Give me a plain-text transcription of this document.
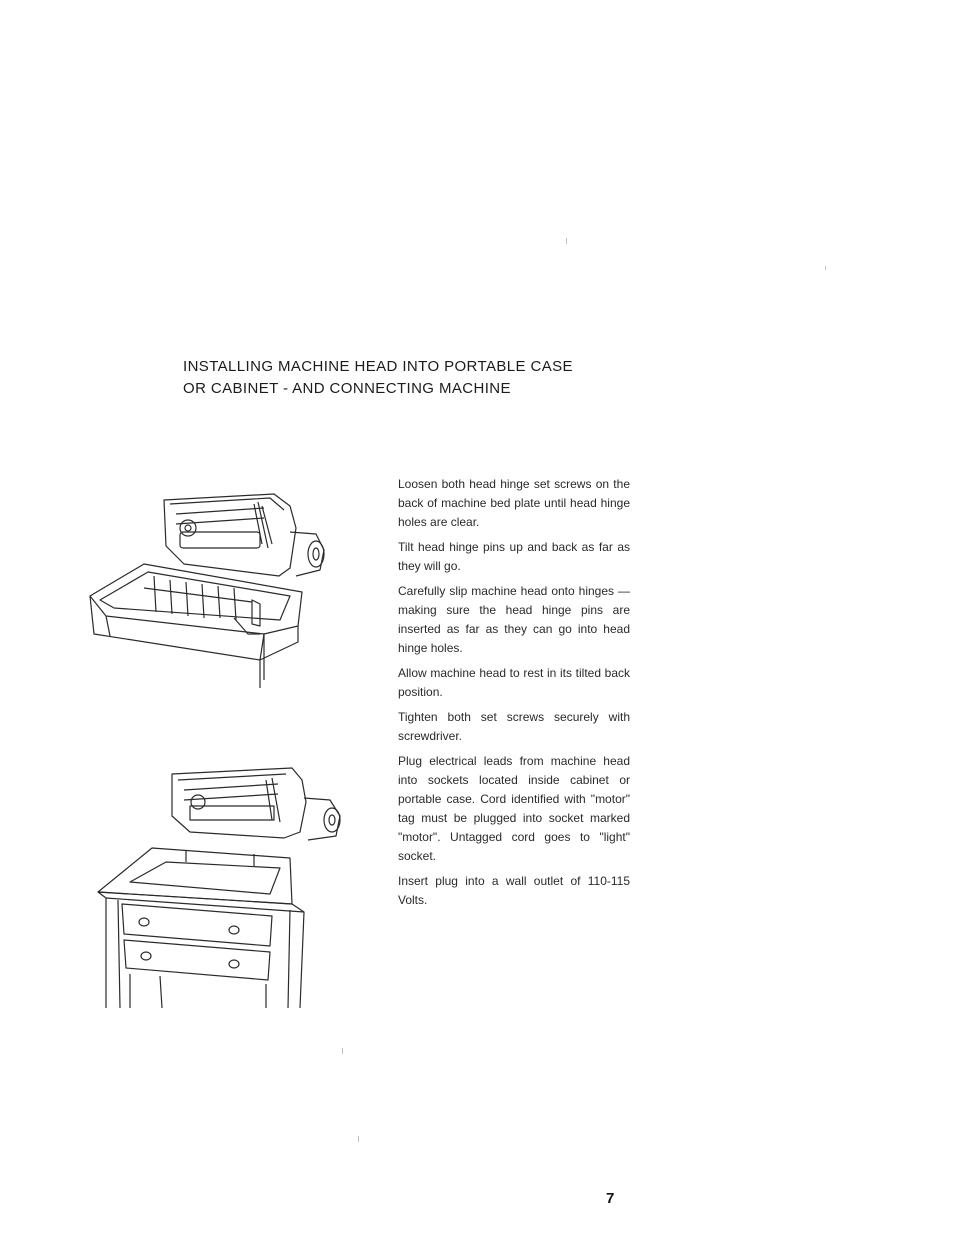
INSTALLING MACHINE HEAD INTO PORTABLE CASE
OR CABINET - AND CONNECTING MACHINE

Loosen both head hinge set screws on the back of machine bed plate until head hinge holes are clear.

Tilt head hinge pins up and back as far as they will go.

Carefully slip machine head onto hinges — making sure the head hinge pins are inserted as far as they can go into head hinge holes.

Allow machine head to rest in its tilted back position.

Tighten both set screws securely with screwdriver.

Plug electrical leads from machine head into sockets located inside cabinet or portable case. Cord identified with "motor" tag must be plugged into socket marked "motor". Untagged cord goes to "light" socket.

Insert plug into a wall outlet of 110-115 Volts.

7
